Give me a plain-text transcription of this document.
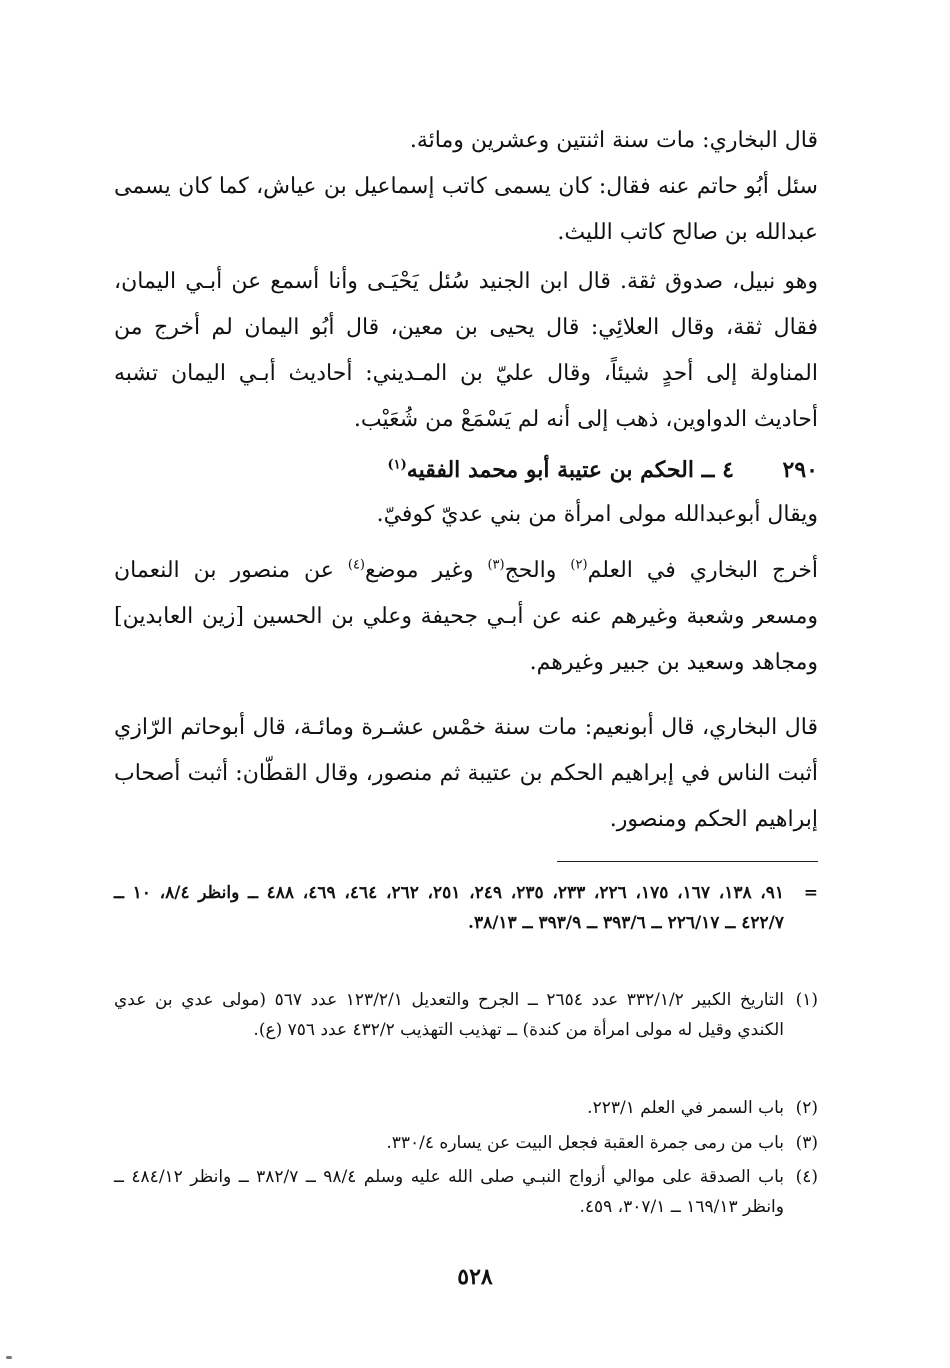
قال البخاري: مات سنة اثنتين وعشرين ومائة.

سئل أبُو حاتم عنه فقال: كان يسمى كاتب إسماعيل بن عياش، كما كان يسمى عبدالله بن صالح كاتب الليث.

وهو نبيل، صدوق ثقة. قال ابن الجنيد سُئل يَحْيَـى وأنا أسمع عن أبـي اليمان، فقال ثقة، وقال العلائِي: قال يحيى بن معين، قال أبُو اليمان لم أخرج من المناولة إلى أحدٍ شيئاً، وقال عليّ بن المـديني: أحاديث أبـي اليمان تشبه أحاديث الدواوين، ذهب إلى أنه لم يَسْمَعْ من شُعَيْب.

٢٩٠
٤ ــ الحكم بن عتيبة أبو محمد الفقيه$^{(١)}$

ويقال أبوعبدالله مولى امرأة من بني عديّ كوفيّ.

أخرج البخاري في العلم$^{(٢)}$ والحج$^{(٣)}$ وغير موضع$^{(٤)}$ عن منصور بن النعمان ومسعر وشعبة وغيرهم عنه عن أبـي جحيفة وعلي بن الحسين [زين العابدين] ومجاهد وسعيد بن جبير وغيرهم.

قال البخاري، قال أبونعيم: مات سنة خمْس عشـرة ومائـة، قال أبوحاتم الرّازي أثبت الناس في إبراهيم الحكم بن عتيبة ثم منصور، وقال القطّان: أثبت أصحاب إبراهيم الحكم ومنصور.

=
٩١، ١٣٨، ١٦٧، ١٧٥، ٢٢٦، ٢٣٣، ٢٣٥، ٢٤٩، ٢٥١، ٢٦٢، ٤٦٤، ٤٦٩، ٤٨٨ ــ وانظر ٨/٤، ١٠ ــ ٤٢٢/٧ ــ ٢٢٦/١٧ ــ ٣٩٣/٦ ــ ٣٩٣/٩ ــ ٣٨/١٣.
(١)
التاريخ الكبير ٣٣٢/١/٢ عدد ٢٦٥٤ ــ الجرح والتعديل ١٢٣/٢/١ عدد ٥٦٧ (مولى عدي بن عدي الكندي وقيل له مولى امرأة من كندة) ــ تهذيب التهذيب ٤٣٢/٢ عدد ٧٥٦ (ع).
(٢)
باب السمر في العلم ٢٢٣/١.
(٣)
باب من رمى جمرة العقبة فجعل البيت عن يساره ٣٣٠/٤.
(٤)
باب الصدقة على موالي أزواج النبـي صلى الله عليه وسلم ٩٨/٤ ــ ٣٨٢/٧ ــ وانظر ٤٨٤/١٢ ــ وانظر ١٦٩/١٣ ــ ٣٠٧/١، ٤٥٩.
٥٢٨
